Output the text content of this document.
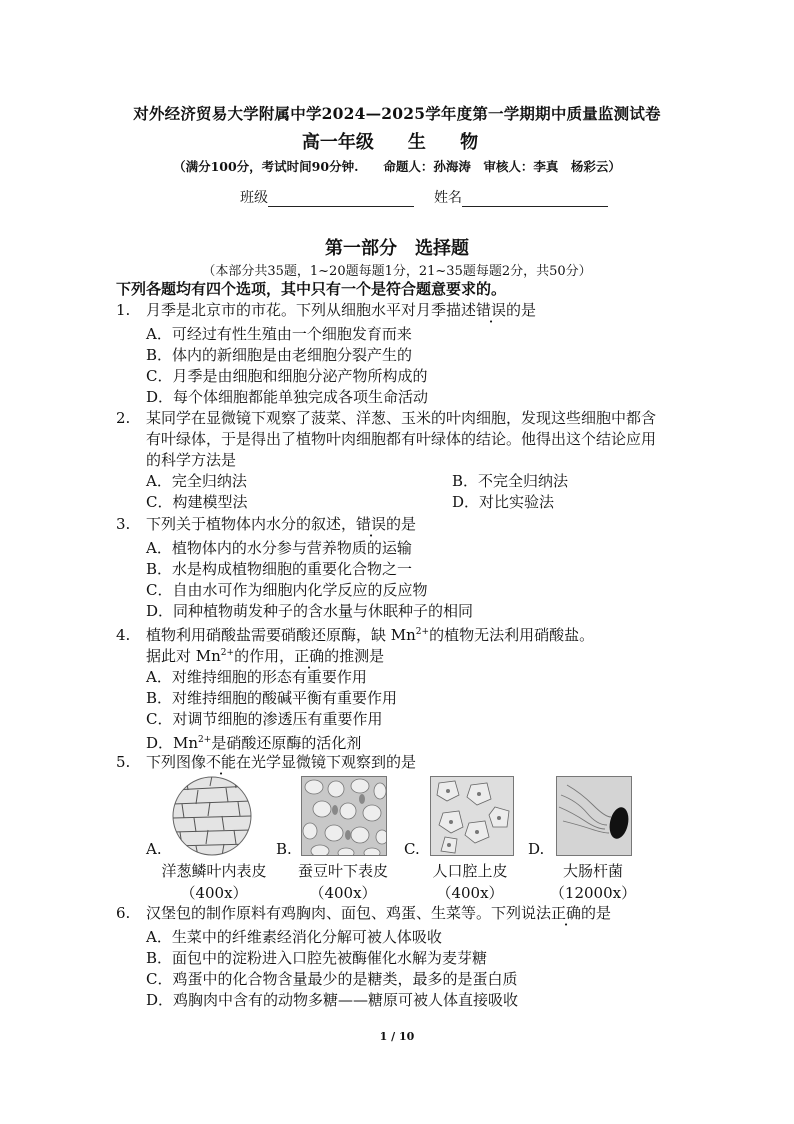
对外经济贸易大学附属中学2024—2025学年度第一学期期中质量监测试卷
高一年级 生 物
（满分100分，考试时间90分钟.　　命题人：孙海涛　审核人：李真　杨彩云）
班级	姓名
第一部分 选择题
（本部分共35题，1~20题每题1分，21~35题每题2分，共50分）
下列各题均有四个选项，其中只有一个是符合题意要求的。
1. 月季是北京市的市花。下列从细胞水平对月季描述错误的是
A．可经过有性生殖由一个细胞发育而来
B．体内的新细胞是由老细胞分裂产生的
C．月季是由细胞和细胞分泌产物所构成的
D．每个体细胞都能单独完成各项生命活动
2. 某同学在显微镜下观察了菠菜、洋葱、玉米的叶肉细胞，发现这些细胞中都含
有叶绿体，于是得出了植物叶肉细胞都有叶绿体的结论。他得出这个结论应用
的科学方法是
A．完全归纳法	B．不完全归纳法
C．构建模型法	D．对比实验法
3. 下列关于植物体内水分的叙述，错误的是
A．植物体内的水分参与营养物质的运输
B．水是构成植物细胞的重要化合物之一
C．自由水可作为细胞内化学反应的反应物
D．同种植物萌发种子的含水量与休眠种子的相同
4. 植物利用硝酸盐需要硝酸还原酶，缺 $Mn^{2+}$的植物无法利用硝酸盐。
据此对 $Mn^{2+}$的作用，正确的推测是
A．对维持细胞的形态有重要作用
B．对维持细胞的酸碱平衡有重要作用
C．对调节细胞的渗透压有重要作用
D．$Mn^{2+}$是硝酸还原酶的活化剂
5. 下列图像不能在光学显微镜下观察到的是
A.	B.	C.	D.
洋葱鳞叶内表皮	蚕豆叶下表皮	人口腔上皮	大肠杆菌
（400x）	（400x）	（400x）	（12000x）
6. 汉堡包的制作原料有鸡胸肉、面包、鸡蛋、生菜等。下列说法正确的是
A．生菜中的纤维素经消化分解可被人体吸收
B．面包中的淀粉进入口腔先被酶催化水解为麦芽糖
C．鸡蛋中的化合物含量最少的是糖类，最多的是蛋白质
D．鸡胸肉中含有的动物多糖——糖原可被人体直接吸收
1 / 10
